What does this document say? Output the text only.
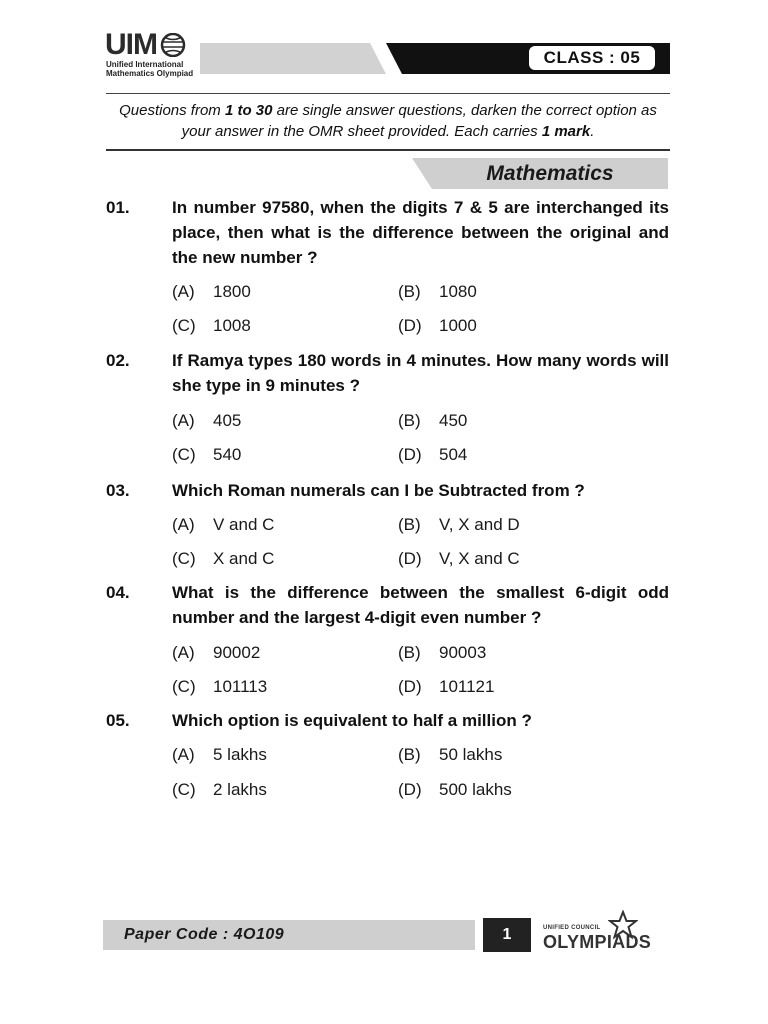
UIM
Unified International
Mathematics Olympiad
CLASS : 05
Questions from 1 to 30 are single answer questions, darken the correct option as your answer in the OMR sheet provided. Each carries 1 mark.
Mathematics
01. In number 97580, when the digits 7 & 5 are interchanged its place, then what is the difference between the original and the new number ?
(A) 1800	(B) 1080
(C) 1008	(D) 1000
02. If Ramya types 180 words in 4 minutes. How many words will she type in 9 minutes ?
(A) 405	(B) 450
(C) 540	(D) 504
03. Which Roman numerals can I be Subtracted from ?
(A) V and C	(B) V, X and D
(C) X and C	(D) V, X and C
04. What is the difference between the smallest 6-digit odd number and the largest 4-digit even number ?
(A) 90002	(B) 90003
(C) 101113	(D) 101121
05. Which option is equivalent to half a million ?
(A) 5 lakhs	(B) 50 lakhs
(C) 2 lakhs	(D) 500 lakhs
Paper Code : 4O109	1	UNIFIED COUNCIL
OLYMPIADS
